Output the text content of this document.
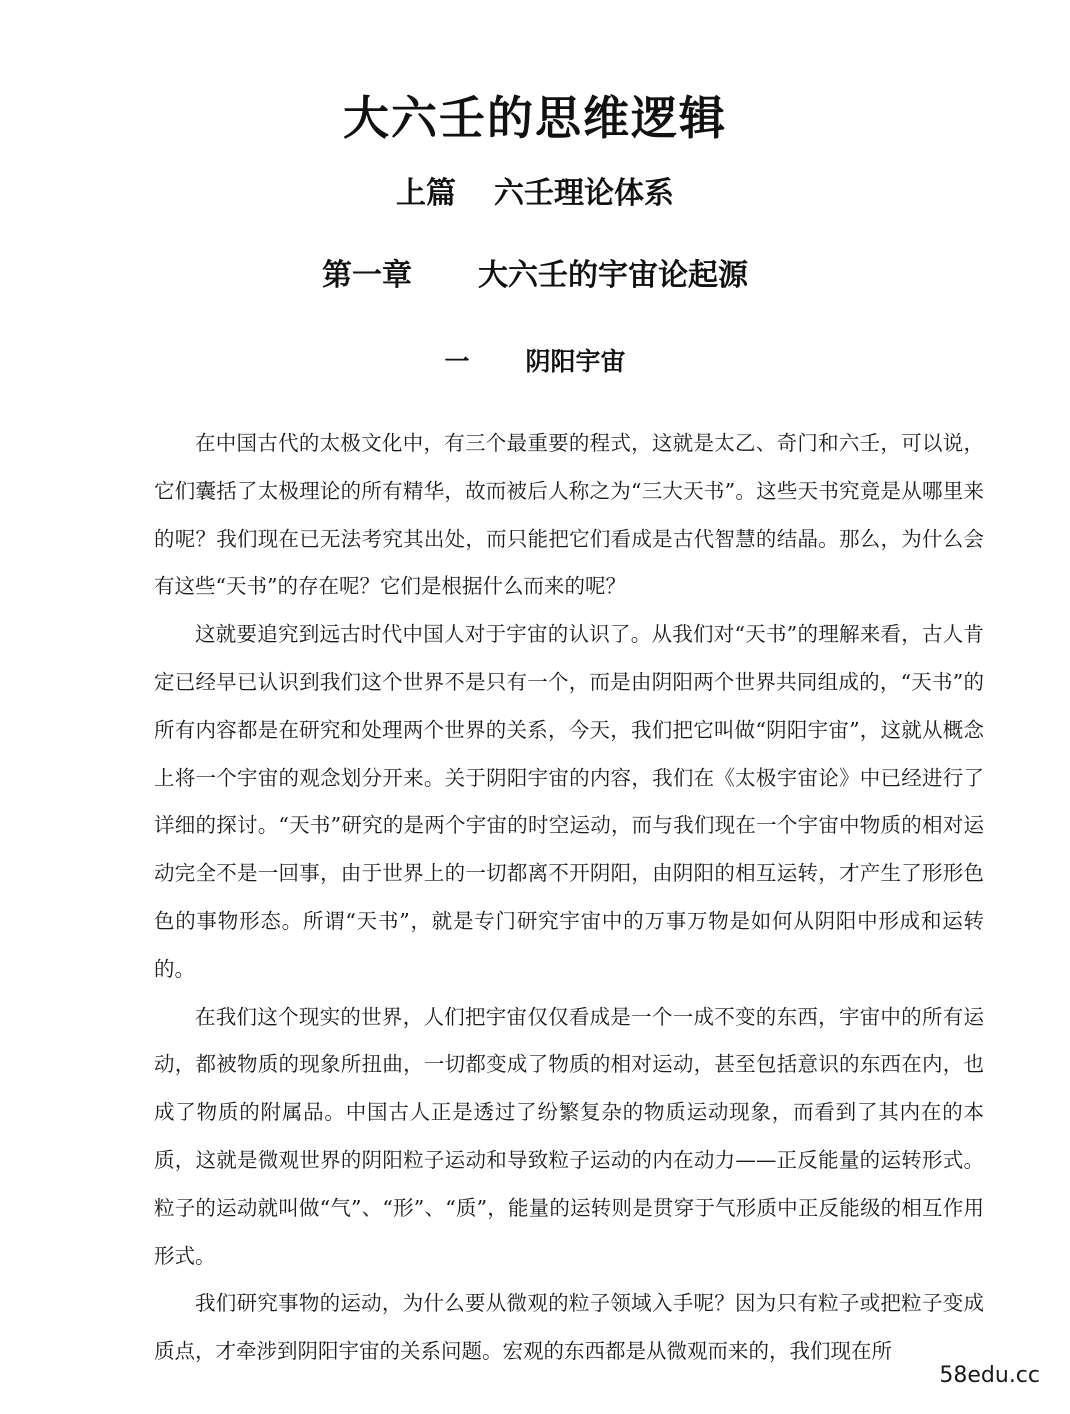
大六壬的思维逻辑
上篇 六壬理论体系
第一章 大六壬的宇宙论起源
一 阴阳宇宙

在中国古代的太极文化中，有三个最重要的程式，这就是太乙、奇门和六壬，可以说，它们囊括了太极理论的所有精华，故而被后人称之为“三大天书”。这些天书究竟是从哪里来的呢？我们现在已无法考究其出处，而只能把它们看成是古代智慧的结晶。那么，为什么会有这些“天书”的存在呢？它们是根据什么而来的呢？

这就要追究到远古时代中国人对于宇宙的认识了。从我们对“天书”的理解来看，古人肯定已经早已认识到我们这个世界不是只有一个，而是由阴阳两个世界共同组成的，“天书”的所有内容都是在研究和处理两个世界的关系，今天，我们把它叫做“阴阳宇宙”，这就从概念上将一个宇宙的观念划分开来。关于阴阳宇宙的内容，我们在《太极宇宙论》中已经进行了详细的探讨。“天书”研究的是两个宇宙的时空运动，而与我们现在一个宇宙中物质的相对运动完全不是一回事，由于世界上的一切都离不开阴阳，由阴阳的相互运转，才产生了形形色色的事物形态。所谓“天书”，就是专门研究宇宙中的万事万物是如何从阴阳中形成和运转的。

在我们这个现实的世界，人们把宇宙仅仅看成是一个一成不变的东西，宇宙中的所有运动，都被物质的现象所扭曲，一切都变成了物质的相对运动，甚至包括意识的东西在内，也成了物质的附属品。中国古人正是透过了纷繁复杂的物质运动现象，而看到了其内在的本质，这就是微观世界的阴阳粒子运动和导致粒子运动的内在动力——正反能量的运转形式。粒子的运动就叫做“气”、“形”、“质”，能量的运转则是贯穿于气形质中正反能级的相互作用形式。

我们研究事物的运动，为什么要从微观的粒子领域入手呢？因为只有粒子或把粒子变成质点，才牵涉到阴阳宇宙的关系问题。宏观的东西都是从微观而来的，我们现在所

58edu.cc
